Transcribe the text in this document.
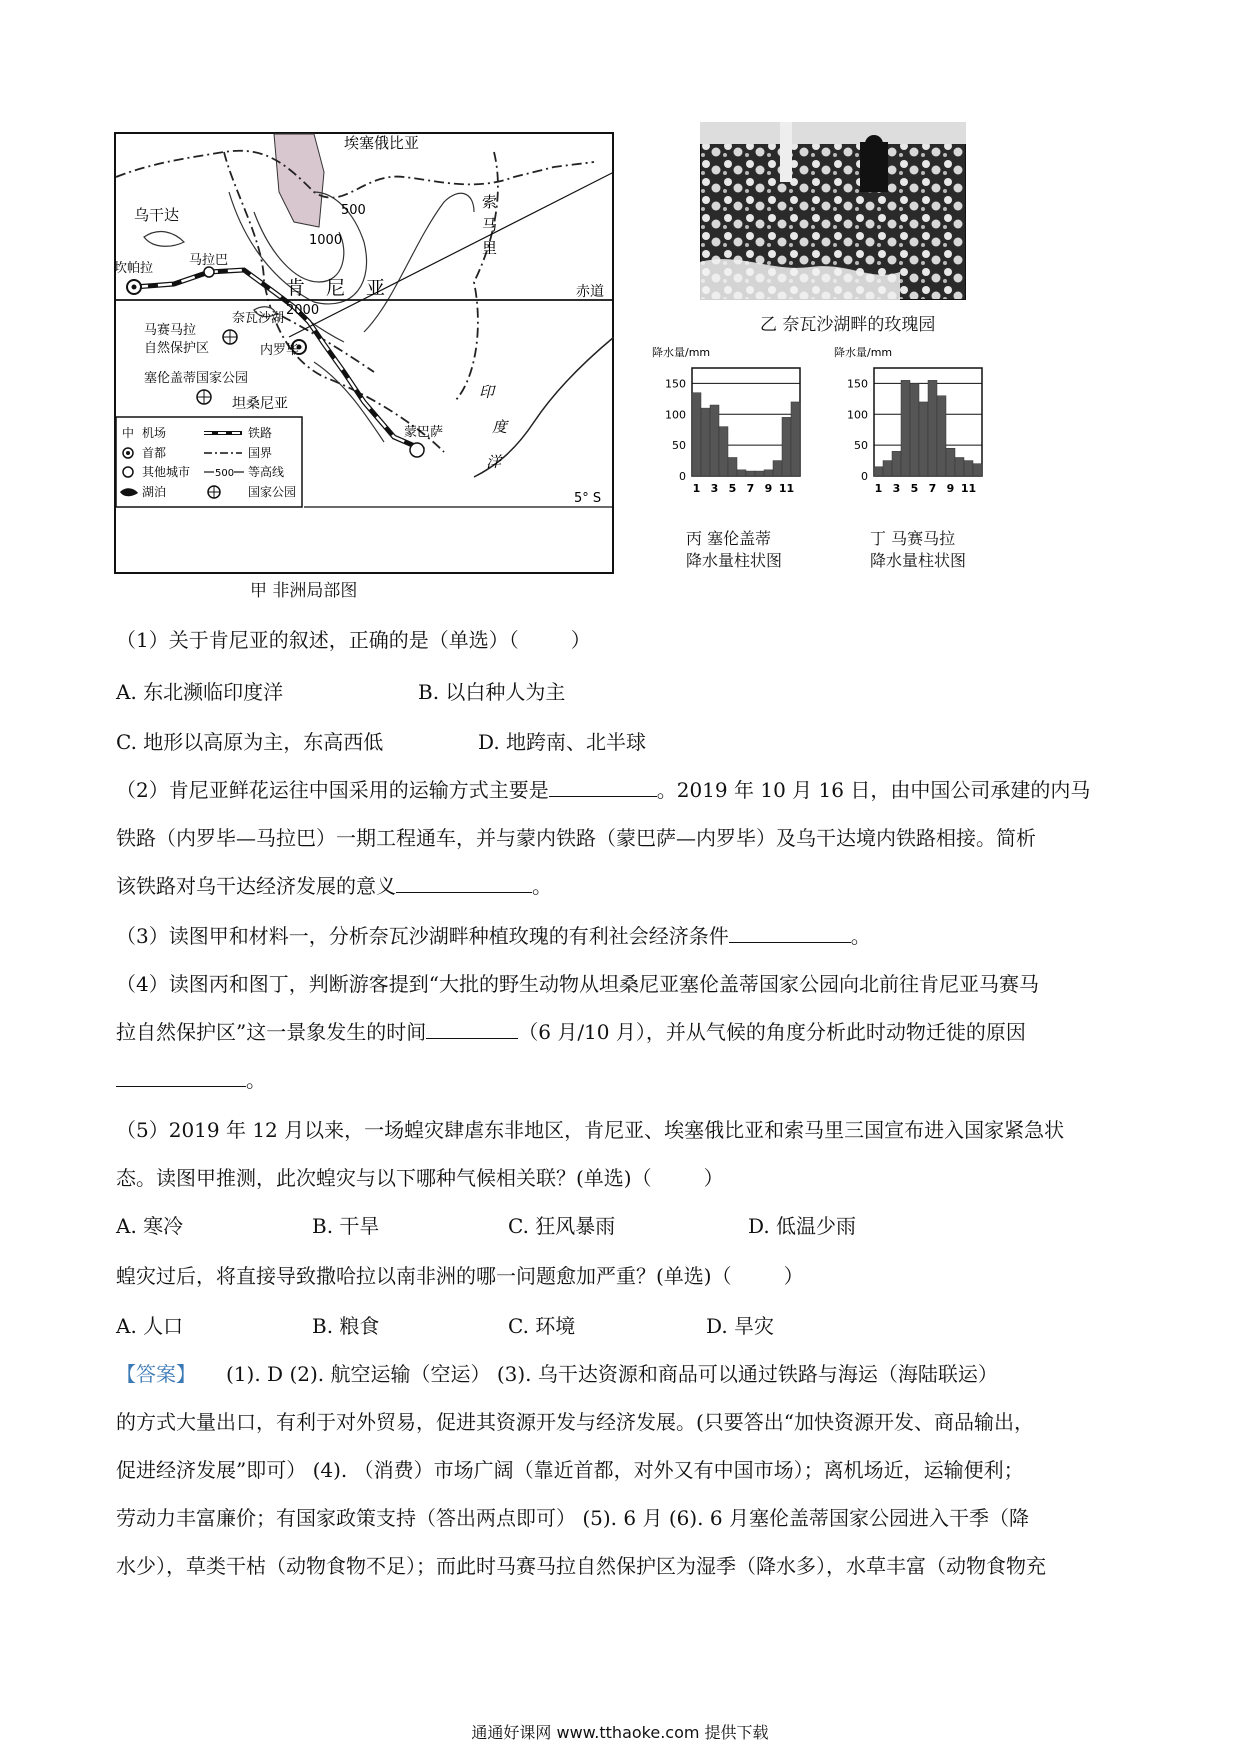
埃塞俄比亚
乌干达
索
马
里
肯 尼 亚
坎帕拉
马拉巴
奈瓦沙湖
内罗毕
蒙巴萨
马赛马拉
自然保护区
塞伦盖蒂国家公园
坦桑尼亚
印
度
洋
赤道
5° S
500
1000
2000
中 机场
首都
其他城市
湖泊
铁路
国界
500 等高线
国家公园
甲 非洲局部图
乙 奈瓦沙湖畔的玫瑰园
降水量/mm
0
50
100
150
1 3 5 7 9 11
丙 塞伦盖蒂
降水量柱状图
降水量/mm
0
50
100
150
1 3 5 7 9 11
丁 马赛马拉
降水量柱状图
（1）关于肯尼亚的叙述，正确的是（单选）（	）
A. 东北濒临印度洋	B. 以白种人为主
C. 地形以高原为主，东高西低	D. 地跨南、北半球
（2）肯尼亚鲜花运往中国采用的运输方式主要是	。2019 年 10 月 16 日，由中国公司承建的内马
铁路（内罗毕—马拉巴）一期工程通车，并与蒙内铁路（蒙巴萨—内罗毕）及乌干达境内铁路相接。简析
该铁路对乌干达经济发展的意义	。
（3）读图甲和材料一，分析奈瓦沙湖畔种植玫瑰的有利社会经济条件	。
（4）读图丙和图丁，判断游客提到“大批的野生动物从坦桑尼亚塞伦盖蒂国家公园向北前往肯尼亚马赛马
拉自然保护区”这一景象发生的时间	（6 月/10 月），并从气候的角度分析此时动物迁徙的原因
。
（5）2019 年 12 月以来，一场蝗灾肆虐东非地区，肯尼亚、埃塞俄比亚和索马里三国宣布进入国家紧急状
态。读图甲推测，此次蝗灾与以下哪种气候相关联？(单选)（	）
A. 寒冷	B. 干旱	C. 狂风暴雨	D. 低温少雨
蝗灾过后，将直接导致撒哈拉以南非洲的哪一问题愈加严重？(单选)（	）
A. 人口	B. 粮食	C. 环境	D. 旱灾
【答案】 (1). D (2). 航空运输（空运） (3). 乌干达资源和商品可以通过铁路与海运（海陆联运）
的方式大量出口，有利于对外贸易，促进其资源开发与经济发展。(只要答出“加快资源开发、商品输出，
促进经济发展”即可） (4). （消费）市场广阔（靠近首都，对外又有中国市场）；离机场近，运输便利；
劳动力丰富廉价；有国家政策支持（答出两点即可） (5). 6 月 (6). 6 月塞伦盖蒂国家公园进入干季（降
水少），草类干枯（动物食物不足）；而此时马赛马拉自然保护区为湿季（降水多），水草丰富（动物食物充
通通好课网 www.tthaoke.com 提供下载
